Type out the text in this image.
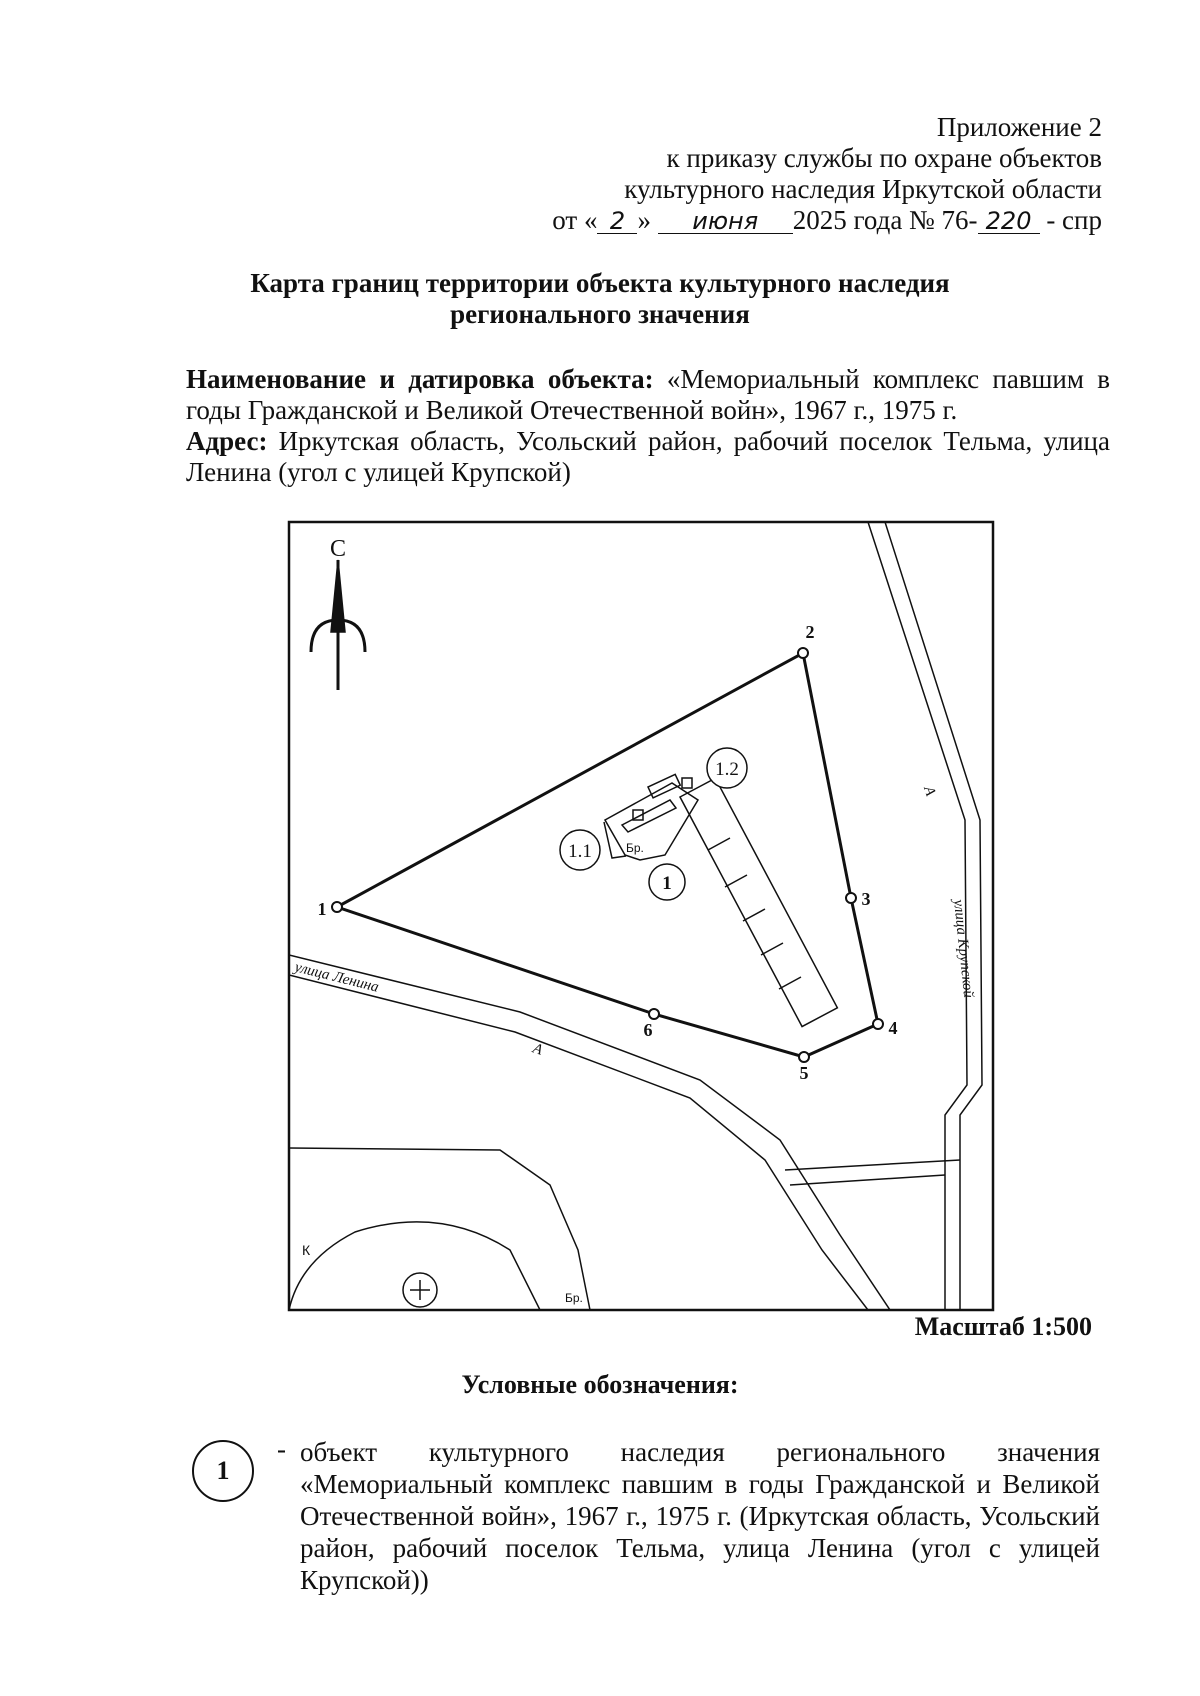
Приложение 2
к приказу службы по охране объектов
культурного наследия Иркутской области
от « 2 » июня 2025 года № 76- 220 - спр
Карта границ территории объекта культурного наследия
регионального значения
Наименование и датировка объекта: «Мемориальный комплекс павшим в годы Гражданской и Великой Отечественной войн», 1967 г., 1975 г.
Адрес: Иркутская область, Усольский район, рабочий поселок Тельма, улица Ленина (угол с улицей Крупской)
С
1
2
3
4
5
6
1
1.1
1.2
улица Ленина	улица Крупской
А
А
Бр.
Бр.
К
Масштаб 1:500
Условные обозначения:
1
- объект культурного наследия регионального значения «Мемориальный комплекс павшим в годы Гражданской и Великой Отечественной войн», 1967 г., 1975 г. (Иркутская область, Усольский район, рабочий поселок Тельма, улица Ленина (угол с улицей Крупской))
